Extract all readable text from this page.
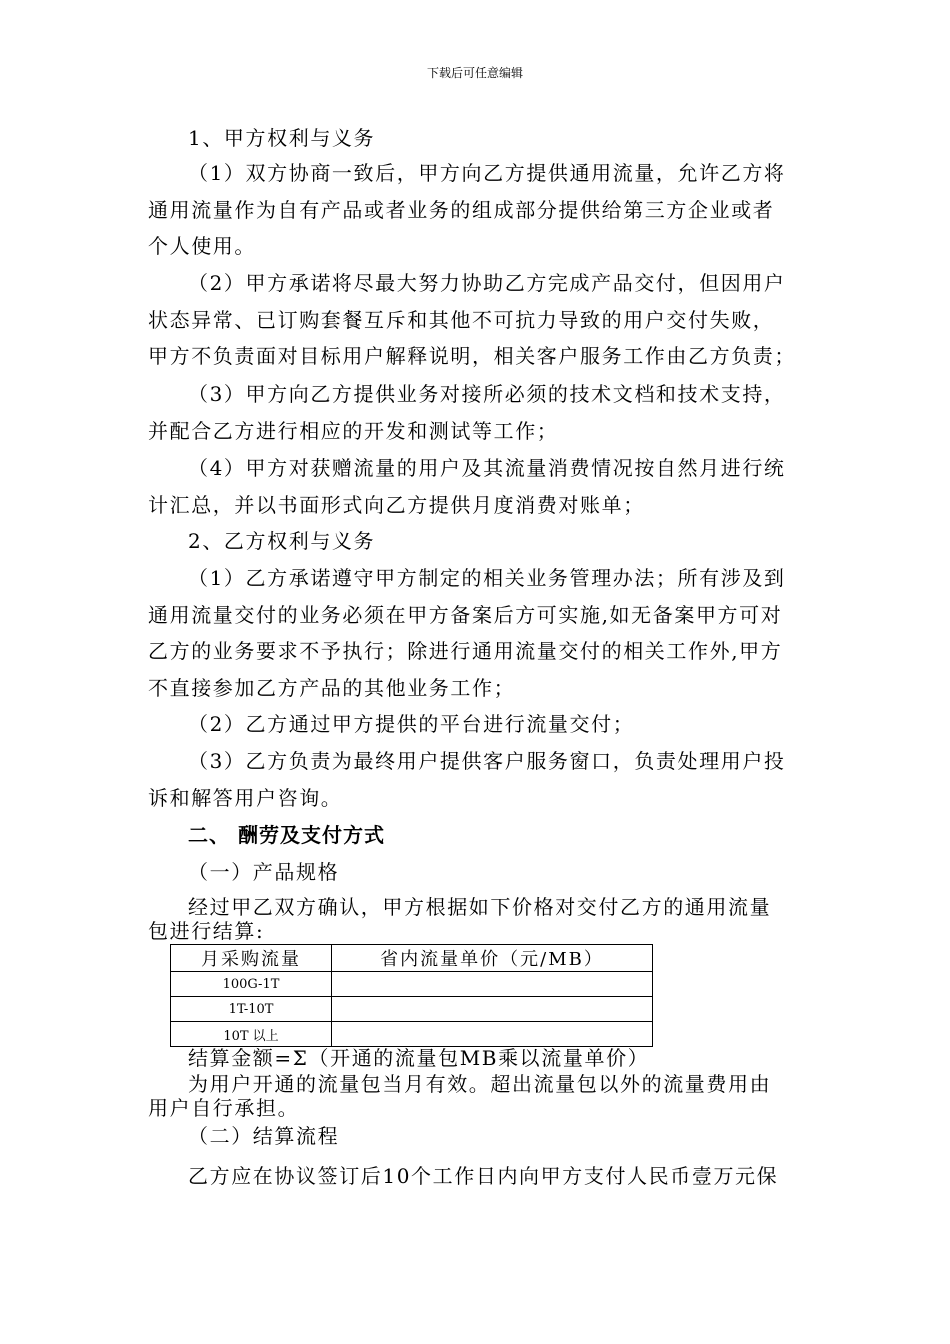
下载后可任意编辑
1、甲方权利与义务
（1）双方协商一致后，甲方向乙方提供通用流量，允许乙方将
通用流量作为自有产品或者业务的组成部分提供给第三方企业或者
个人使用。
（2）甲方承诺将尽最大努力协助乙方完成产品交付，但因用户
状态异常、已订购套餐互斥和其他不可抗力导致的用户交付失败，
甲方不负责面对目标用户解释说明，相关客户服务工作由乙方负责；
（3）甲方向乙方提供业务对接所必须的技术文档和技术支持，
并配合乙方进行相应的开发和测试等工作；
（4）甲方对获赠流量的用户及其流量消费情况按自然月进行统
计汇总，并以书面形式向乙方提供月度消费对账单；
2、乙方权利与义务
（1）乙方承诺遵守甲方制定的相关业务管理办法；所有涉及到
通用流量交付的业务必须在甲方备案后方可实施,如无备案甲方可对
乙方的业务要求不予执行；除进行通用流量交付的相关工作外,甲方
不直接参加乙方产品的其他业务工作；
（2）乙方通过甲方提供的平台进行流量交付；
（3）乙方负责为最终用户提供客户服务窗口，负责处理用户投
诉和解答用户咨询。
二、 酬劳及支付方式
（一）产品规格
经过甲乙双方确认，甲方根据如下价格对交付乙方的通用流量
包进行结算:
月采购流量	省内流量单价（元/MB）
100G-1T	
1T-10T	
10T 以上	
结算金额=Σ（开通的流量包MB乘以流量单价）
为用户开通的流量包当月有效。超出流量包以外的流量费用由
用户自行承担。
（二）结算流程
乙方应在协议签订后10个工作日内向甲方支付人民币壹万元保
